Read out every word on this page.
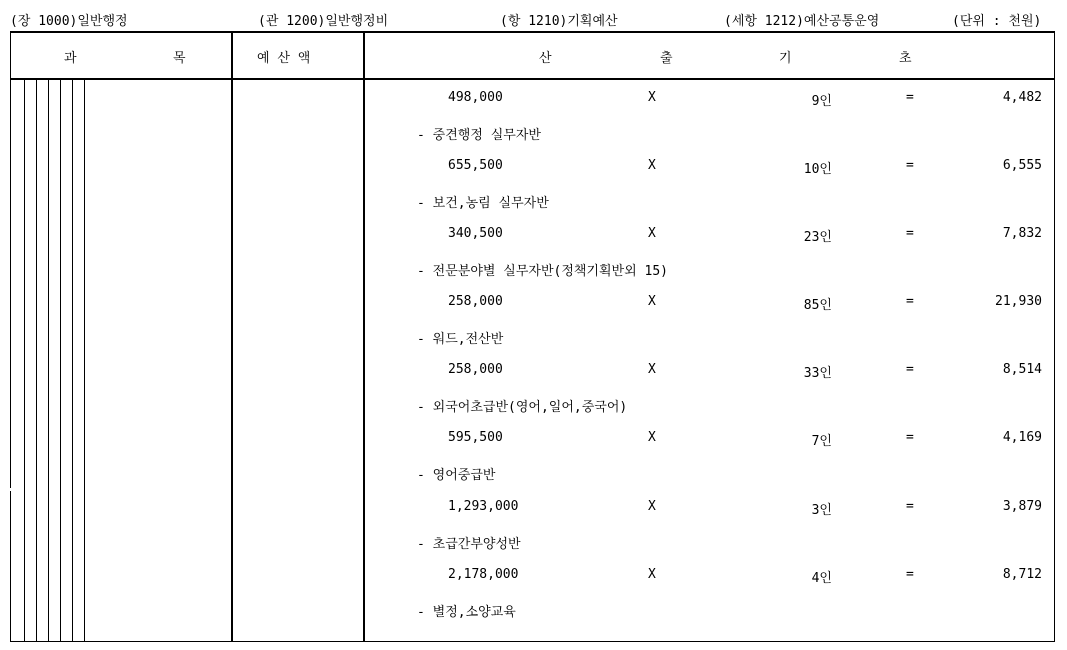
(장 1000)일반행정	(관 1200)일반행정비	(항 1210)기획예산	(세항 1212)예산공통운영	(단위 : 천원)
과	목	예 산 액	산	출	기	초
498,000	X	9인	=	4,482
- 중견행정 실무자반
655,500	X	10인	=	6,555
- 보건,농림 실무자반
340,500	X	23인	=	7,832
- 전문분야별 실무자반(정책기획반외 15)
258,000	X	85인	=	21,930
- 워드,전산반
258,000	X	33인	=	8,514
- 외국어초급반(영어,일어,중국어)
595,500	X	7인	=	4,169
- 영어중급반
1,293,000	X	3인	=	3,879
- 초급간부양성반
2,178,000	X	4인	=	8,712
- 별정,소양교육
